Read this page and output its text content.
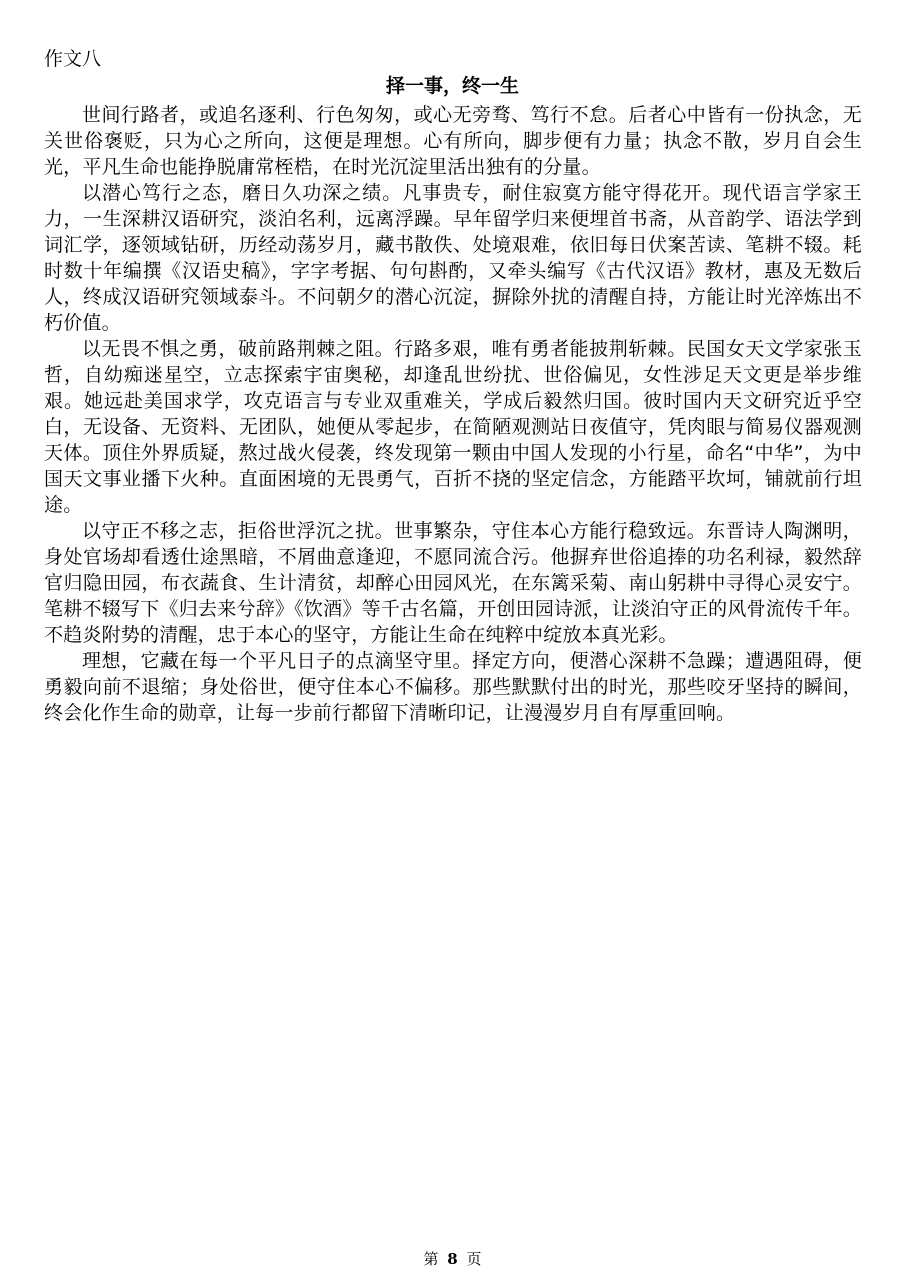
作文八
择一事，终一生

世间行路者，或追名逐利、行色匆匆，或心无旁骛、笃行不怠。后者心中皆有一份执念，无关世俗褒贬，只为心之所向，这便是理想。心有所向，脚步便有力量；执念不散，岁月自会生光，平凡生命也能挣脱庸常桎梏，在时光沉淀里活出独有的分量。

以潜心笃行之态，磨日久功深之绩。凡事贵专，耐住寂寞方能守得花开。现代语言学家王力，一生深耕汉语研究，淡泊名利，远离浮躁。早年留学归来便埋首书斋，从音韵学、语法学到词汇学，逐领域钻研，历经动荡岁月，藏书散佚、处境艰难，依旧每日伏案苦读、笔耕不辍。耗时数十年编撰《汉语史稿》，字字考据、句句斟酌，又牵头编写《古代汉语》教材，惠及无数后人，终成汉语研究领域泰斗。不问朝夕的潜心沉淀，摒除外扰的清醒自持，方能让时光淬炼出不朽价值。

以无畏不惧之勇，破前路荆棘之阻。行路多艰，唯有勇者能披荆斩棘。民国女天文学家张玉哲，自幼痴迷星空，立志探索宇宙奥秘，却逢乱世纷扰、世俗偏见，女性涉足天文更是举步维艰。她远赴美国求学，攻克语言与专业双重难关，学成后毅然归国。彼时国内天文研究近乎空白，无设备、无资料、无团队，她便从零起步，在简陋观测站日夜值守，凭肉眼与简易仪器观测天体。顶住外界质疑，熬过战火侵袭，终发现第一颗由中国人发现的小行星，命名“中华”，为中国天文事业播下火种。直面困境的无畏勇气，百折不挠的坚定信念，方能踏平坎坷，铺就前行坦途。

以守正不移之志，拒俗世浮沉之扰。世事繁杂，守住本心方能行稳致远。东晋诗人陶渊明，身处官场却看透仕途黑暗，不屑曲意逢迎，不愿同流合污。他摒弃世俗追捧的功名利禄，毅然辞官归隐田园，布衣蔬食、生计清贫，却醉心田园风光，在东篱采菊、南山躬耕中寻得心灵安宁。笔耕不辍写下《归去来兮辞》《饮酒》等千古名篇，开创田园诗派，让淡泊守正的风骨流传千年。不趋炎附势的清醒，忠于本心的坚守，方能让生命在纯粹中绽放本真光彩。

理想，它藏在每一个平凡日子的点滴坚守里。择定方向，便潜心深耕不急躁；遭遇阻碍，便勇毅向前不退缩；身处俗世，便守住本心不偏移。那些默默付出的时光，那些咬牙坚持的瞬间，终会化作生命的勋章，让每一步前行都留下清晰印记，让漫漫岁月自有厚重回响。

第 8 页
